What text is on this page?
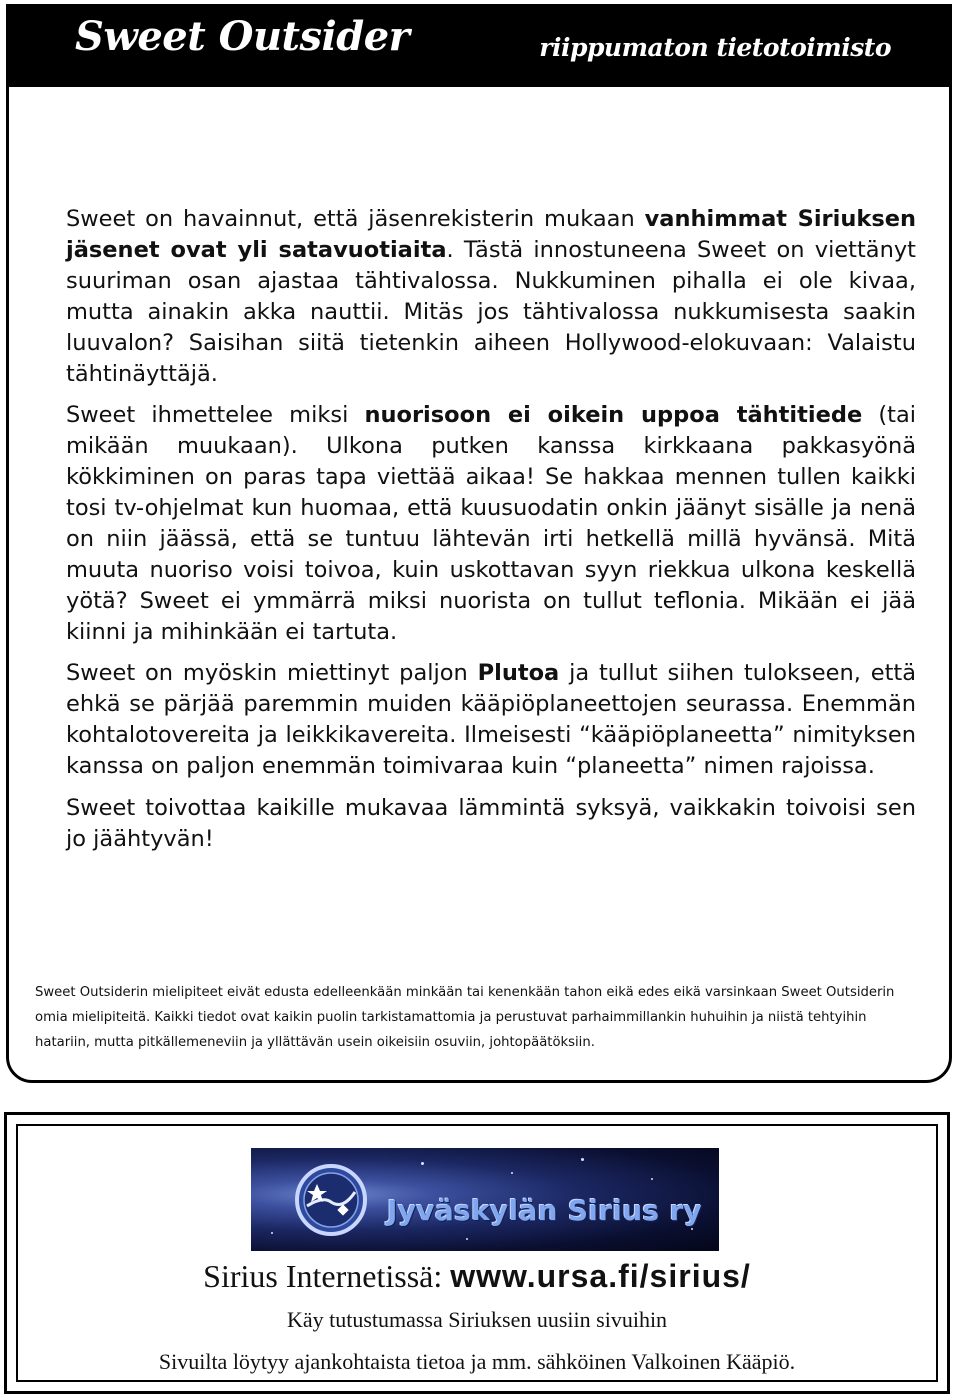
Sweet Outsider	riippumaton tietotoimisto

Sweet on havainnut, että jäsenrekisterin mukaan vanhimmat Siriuksen jäsenet ovat yli satavuotiaita. Tästä innostuneena Sweet on viettänyt suuriman osan ajastaa tähtivalossa. Nukkuminen pihalla ei ole kivaa, mutta ainakin akka nauttii. Mitäs jos tähtivalossa nukkumisesta saakin luuvalon? Saisihan siitä tietenkin aiheen Hollywood-elokuvaan: Valaistu tähtinäyttäjä.

Sweet ihmettelee miksi nuorisoon ei oikein uppoa tähtitiede (tai mikään muukaan). Ulkona putken kanssa kirkkaana pakkasyönä kökkiminen on paras tapa viettää aikaa! Se hakkaa mennen tullen kaikki tosi tv-ohjelmat kun huomaa, että kuusuodatin onkin jäänyt sisälle ja nenä on niin jäässä, että se tuntuu lähtevän irti hetkellä millä hyvänsä. Mitä muuta nuoriso voisi toivoa, kuin uskottavan syyn riekkua ulkona keskellä yötä? Sweet ei ymmärrä miksi nuorista on tullut teflonia. Mikään ei jää kiinni ja mihinkään ei tartuta.

Sweet on myöskin miettinyt paljon Plutoa ja tullut siihen tulokseen, että ehkä se pärjää paremmin muiden kääpiöplaneettojen seurassa. Enemmän kohtalotovereita ja leikkikavereita. Ilmeisesti “kääpiöplaneetta” nimityksen kanssa on paljon enemmän toimivaraa kuin “planeetta” nimen rajoissa.

Sweet toivottaa kaikille mukavaa lämmintä syksyä, vaikkakin toivoisi sen jo jäähtyvän!

Sweet Outsiderin mielipiteet eivät edusta edelleenkään minkään tai kenenkään tahon eikä edes eikä varsinkaan Sweet Outsiderin omia mielipiteitä. Kaikki tiedot ovat kaikin puolin tarkistamattomia ja perustuvat parhaimmillankin huhuihin ja niistä tehtyihin hatariin, mutta pitkällemeneviin ja yllättävän usein oikeisiin osuviin, johtopäätöksiin.
Jyväskylän Sirius ry
Sirius Internetissä: www.ursa.fi/sirius/
Käy tutustumassa Siriuksen uusiin sivuihin
Sivuilta löytyy ajankohtaista tietoa ja mm. sähköinen Valkoinen Kääpiö.
